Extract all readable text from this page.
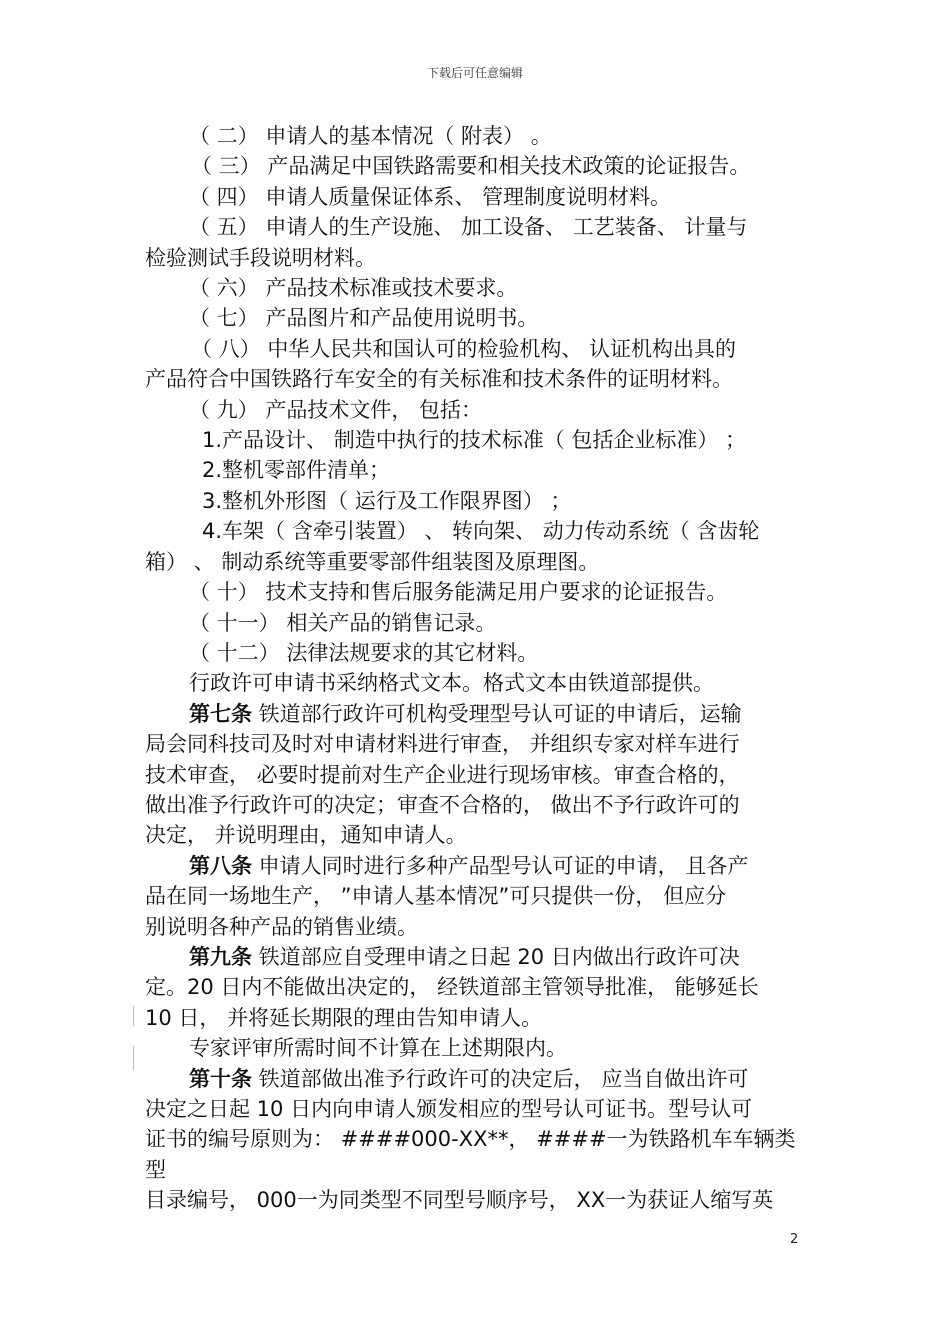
下载后可任意编辑

（ 二） 申请人的基本情况（ 附表） 。

（ 三） 产品满足中国铁路需要和相关技术政策的论证报告。

（ 四） 申请人质量保证体系、 管理制度说明材料。

（ 五） 申请人的生产设施、 加工设备、 工艺装备、 计量与

检验测试手段说明材料。

（ 六） 产品技术标准或技术要求。

（ 七） 产品图片和产品使用说明书。

（ 八） 中华人民共和国认可的检验机构、 认证机构出具的

产品符合中国铁路行车安全的有关标准和技术条件的证明材料。

（ 九） 产品技术文件， 包括：

1.产品设计、 制造中执行的技术标准（ 包括企业标准） ；

2.整机零部件清单；

3.整机外形图（ 运行及工作限界图） ；

4.车架（ 含牵引装置） 、 转向架、 动力传动系统（ 含齿轮

箱） 、 制动系统等重要零部件组装图及原理图。

（ 十） 技术支持和售后服务能满足用户要求的论证报告。

（ 十一） 相关产品的销售记录。

（ 十二） 法律法规要求的其它材料。

行政许可申请书采纳格式文本。格式文本由铁道部提供。

第七条 铁道部行政许可机构受理型号认可证的申请后，运输

局会同科技司及时对申请材料进行审查， 并组织专家对样车进行

技术审查， 必要时提前对生产企业进行现场审核。审查合格的，

做出准予行政许可的决定；审查不合格的， 做出不予行政许可的

决定， 并说明理由，通知申请人。

第八条 申请人同时进行多种产品型号认可证的申请， 且各产

品在同一场地生产， ”申请人基本情况”可只提供一份， 但应分

别说明各种产品的销售业绩。

第九条 铁道部应自受理申请之日起 20 日内做出行政许可决

定。20 日内不能做出决定的， 经铁道部主管领导批准， 能够延长

10 日， 并将延长期限的理由告知申请人。

专家评审所需时间不计算在上述期限内。

第十条 铁道部做出准予行政许可的决定后， 应当自做出许可

决定之日起 10 日内向申请人颁发相应的型号认可证书。型号认可

证书的编号原则为： ####000-XX**， ####一为铁路机车车辆类型

目录编号， 000一为同类型不同型号顺序号， XX一为获证人缩写英

2
